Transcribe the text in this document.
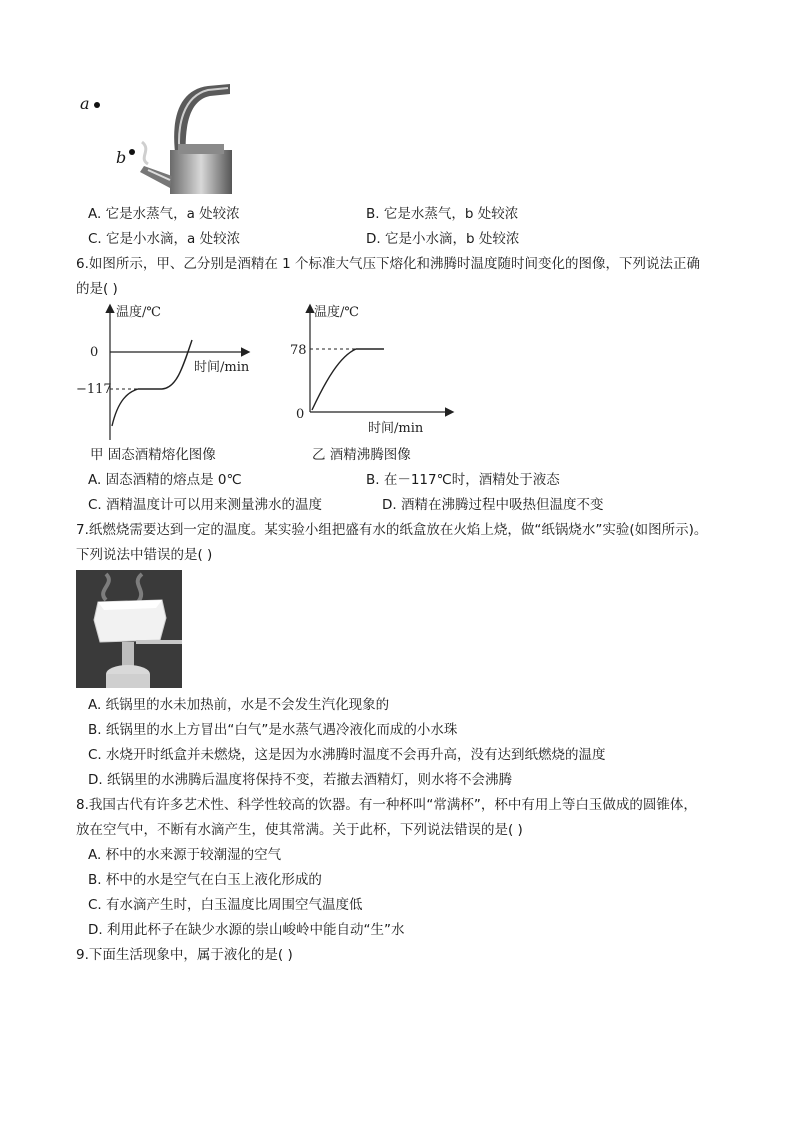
a
b
A. 它是水蒸气，a 处较浓	B. 它是水蒸气，b 处较浓
C. 它是小水滴，a 处较浓	D. 它是小水滴，b 处较浓
6.如图所示，甲、乙分别是酒精在 1 个标准大气压下熔化和沸腾时温度随时间变化的图像，下列说法正确
的是( )
温度/℃
0
−117
时间/min
温度/℃
78
0
时间/min
甲 固态酒精熔化图像	乙 酒精沸腾图像
A. 固态酒精的熔点是 0℃	B. 在－117℃时，酒精处于液态
C. 酒精温度计可以用来测量沸水的温度	D. 酒精在沸腾过程中吸热但温度不变
7.纸燃烧需要达到一定的温度。某实验小组把盛有水的纸盒放在火焰上烧，做“纸锅烧水”实验(如图所示)。
下列说法中错误的是( )
A. 纸锅里的水未加热前，水是不会发生汽化现象的
B. 纸锅里的水上方冒出“白气”是水蒸气遇冷液化而成的小水珠
C. 水烧开时纸盒并未燃烧，这是因为水沸腾时温度不会再升高，没有达到纸燃烧的温度
D. 纸锅里的水沸腾后温度将保持不变，若撤去酒精灯，则水将不会沸腾
8.我国古代有许多艺术性、科学性较高的饮器。有一种杯叫“常满杯”，杯中有用上等白玉做成的圆锥体，
放在空气中，不断有水滴产生，使其常满。关于此杯，下列说法错误的是( )
A. 杯中的水来源于较潮湿的空气
B. 杯中的水是空气在白玉上液化形成的
C. 有水滴产生时，白玉温度比周围空气温度低
D. 利用此杯子在缺少水源的崇山峻岭中能自动“生”水
9.下面生活现象中，属于液化的是( )
